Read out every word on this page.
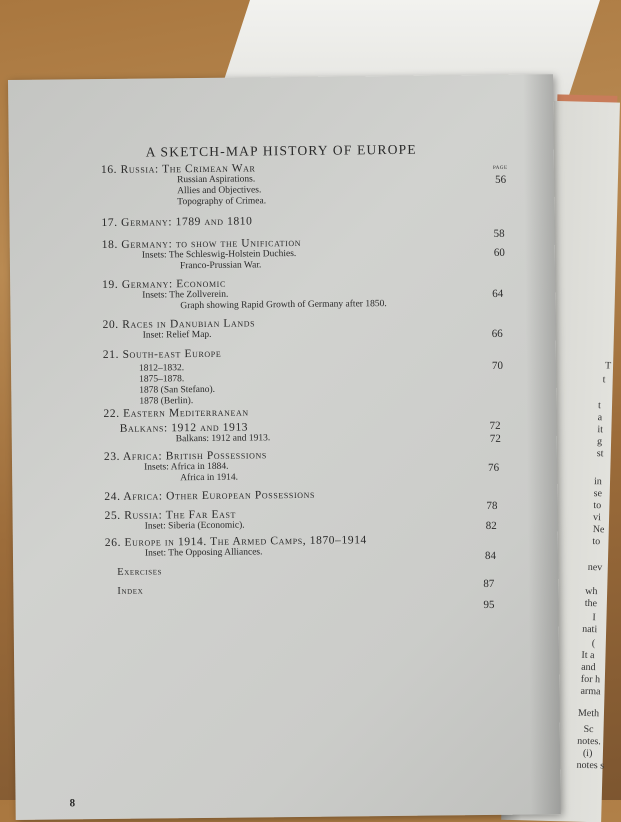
T
t
t
a
it
g
st
in
se
to
vi
Ne
to
nev
wh
the
I
nati
(
It a
and
for h
arma
Meth
Sc
notes.
(i)
notes s
A SKETCH-MAP HISTORY OF EUROPE
PAGE
16. Russia: The Crimean War
Russian Aspirations.
Allies and Objectives.
Topography of Crimea.
56
17. Germany: 1789 and 1810
58
18. Germany: to show the Unification
Insets: The Schleswig-Holstein Duchies.
Franco-Prussian War.
60
19. Germany: Economic
Insets: The Zollverein.
Graph showing Rapid Growth of Germany after 1850.
64
20. Races in Danubian Lands
Inset: Relief Map.	66
21. South-east Europe
1812–1832.
1875–1878.
1878 (San Stefano).
1878 (Berlin).
70
22. Eastern Mediterranean
Balkans: 1912 and 1913
Balkans: 1912 and 1913.
72
72
23. Africa: British Possessions
Insets: Africa in 1884.
Africa in 1914.
76
24. Africa: Other European Possessions
25. Russia: The Far East
Inset: Siberia (Economic).
78
82
26. Europe in 1914. The Armed Camps, 1870–1914
Inset: The Opposing Alliances.	84
Exercises
Index
87
95
8
